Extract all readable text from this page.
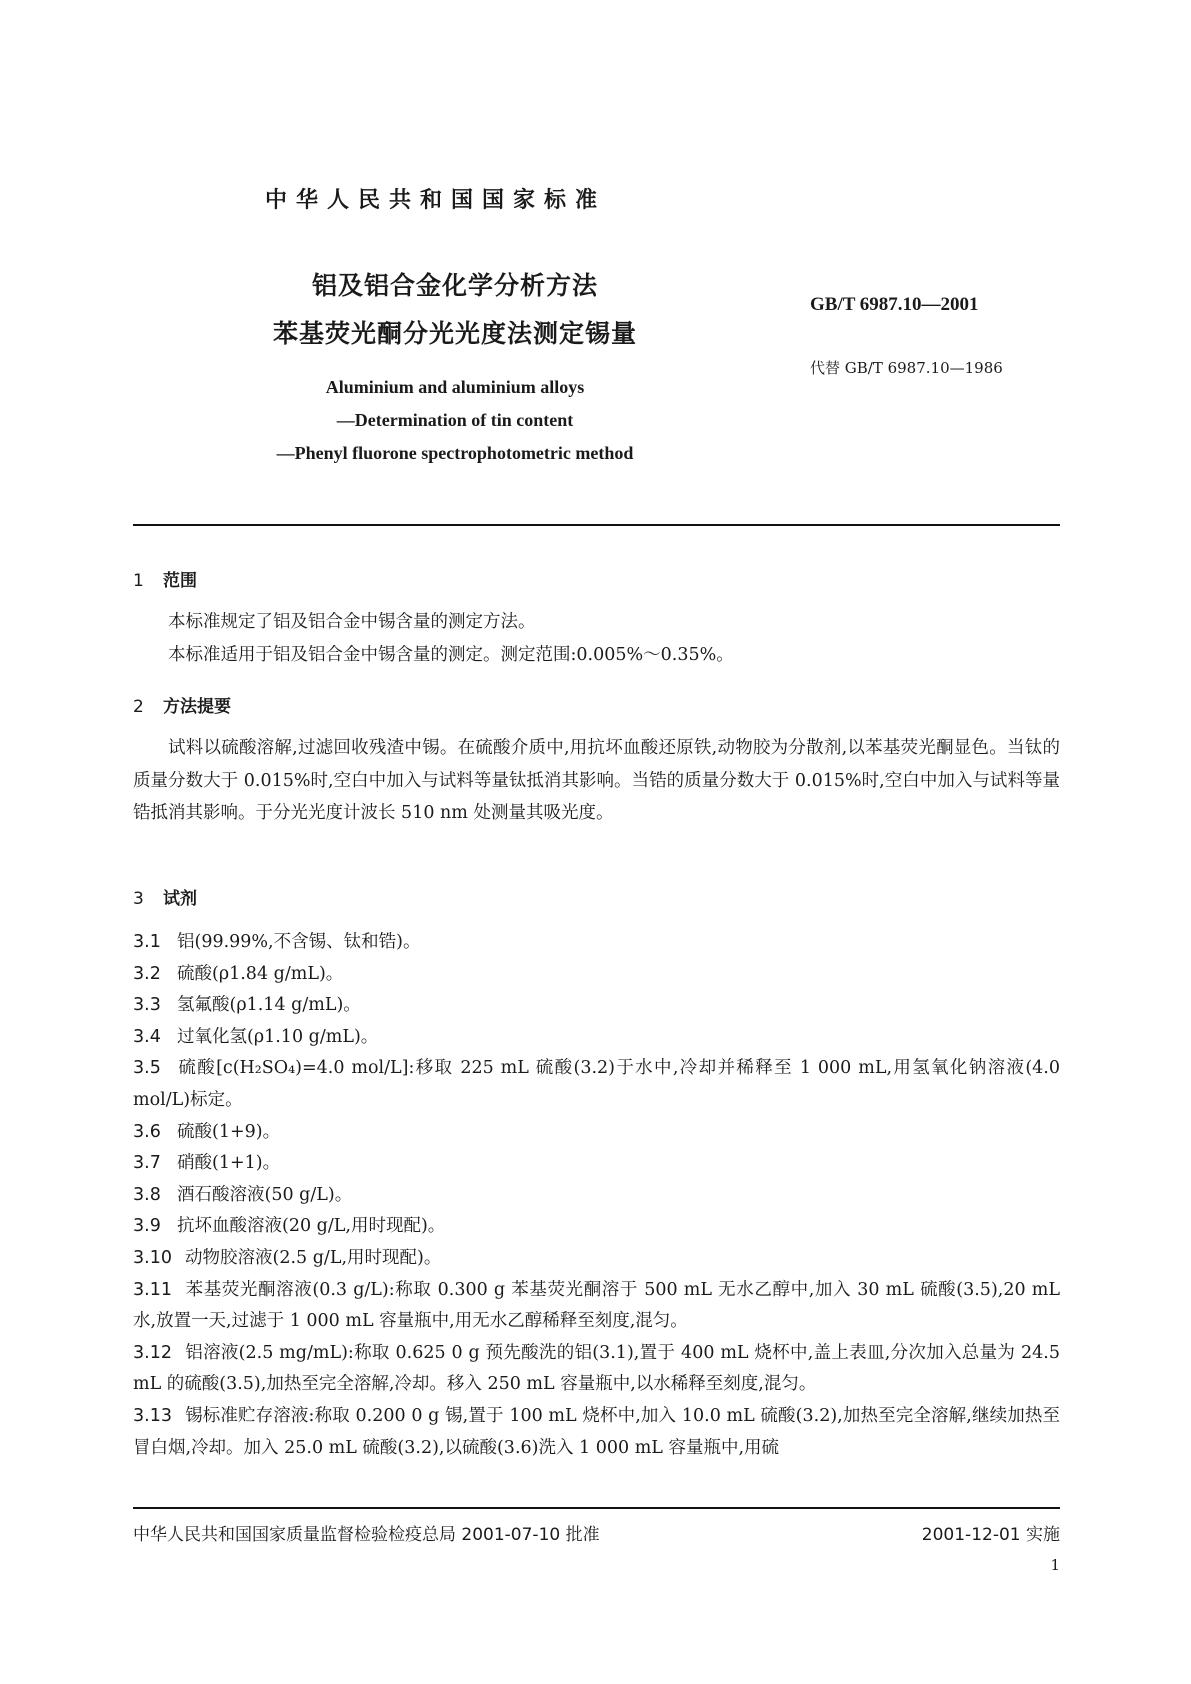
中华人民共和国国家标准
铝及铝合金化学分析方法
苯基荧光酮分光光度法测定锡量
GB/T 6987.10—2001
代替 GB/T 6987.10—1986
Aluminium and aluminium alloys
—Determination of tin content
—Phenyl fluorone spectrophotometric method
1 范围

本标准规定了铝及铝合金中锡含量的测定方法。

本标准适用于铝及铝合金中锡含量的测定。测定范围:0.005%～0.35%。

2 方法提要

试料以硫酸溶解,过滤回收残渣中锡。在硫酸介质中,用抗坏血酸还原铁,动物胶为分散剂,以苯基荧光酮显色。当钛的质量分数大于 0.015%时,空白中加入与试料等量钛抵消其影响。当锆的质量分数大于 0.015%时,空白中加入与试料等量锆抵消其影响。于分光光度计波长 510 nm 处测量其吸光度。

3 试剂

3.1 铝(99.99%,不含锡、钛和锆)。

3.2 硫酸(ρ1.84 g/mL)。

3.3 氢氟酸(ρ1.14 g/mL)。

3.4 过氧化氢(ρ1.10 g/mL)。

3.5 硫酸[c(H₂SO₄)=4.0 mol/L]:移取 225 mL 硫酸(3.2)于水中,冷却并稀释至 1 000 mL,用氢氧化钠溶液(4.0 mol/L)标定。

3.6 硫酸(1+9)。

3.7 硝酸(1+1)。

3.8 酒石酸溶液(50 g/L)。

3.9 抗坏血酸溶液(20 g/L,用时现配)。

3.10 动物胶溶液(2.5 g/L,用时现配)。

3.11 苯基荧光酮溶液(0.3 g/L):称取 0.300 g 苯基荧光酮溶于 500 mL 无水乙醇中,加入 30 mL 硫酸(3.5),20 mL 水,放置一天,过滤于 1 000 mL 容量瓶中,用无水乙醇稀释至刻度,混匀。

3.12 铝溶液(2.5 mg/mL):称取 0.625 0 g 预先酸洗的铝(3.1),置于 400 mL 烧杯中,盖上表皿,分次加入总量为 24.5 mL 的硫酸(3.5),加热至完全溶解,冷却。移入 250 mL 容量瓶中,以水稀释至刻度,混匀。

3.13 锡标准贮存溶液:称取 0.200 0 g 锡,置于 100 mL 烧杯中,加入 10.0 mL 硫酸(3.2),加热至完全溶解,继续加热至冒白烟,冷却。加入 25.0 mL 硫酸(3.2),以硫酸(3.6)洗入 1 000 mL 容量瓶中,用硫

中华人民共和国国家质量监督检验检疫总局 2001-07-10 批准	2001-12-01 实施
1
